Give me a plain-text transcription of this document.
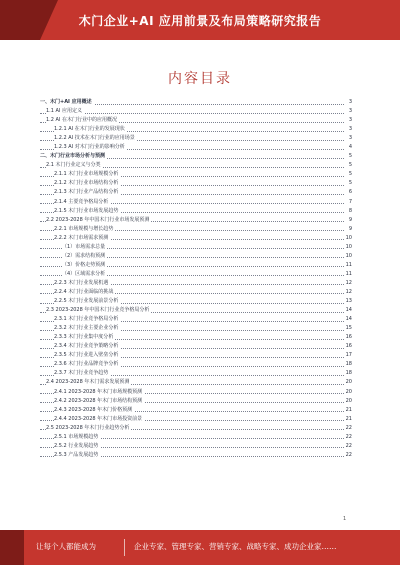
木门企业+AI 应用前景及布局策略研究报告
内容目录
一、木门+AI 应用概述	3
1.1 AI 应用定义	3
1.2 AI 在木门行业中的应用概况	3
1.2.1 AI 在木门行业的发展现状	3
1.2.2 AI 技术在木门行业的应用场景	3
1.2.3 AI 对木门行业的影响分析	4
二、木门行业市场分析与预测	5
2.1 木门行业定义与分类	5
2.1.1 木门行业市场规模分析	5
2.1.2 木门行业市场结构分析	5
2.1.3 木门行业产品结构分析	6
2.1.4 主要竞争格局分析	7
2.1.5 木门行业市场发展趋势	8
2.2 2023-2028 年中国木门行业市场发展预测	9
2.2.1 市场规模与增长趋势	9
2.2.2 木门市场需求预测	10
（1）市场需求总量	10
（2）需求结构预测	10
（3）价格走势预测	11
（4）区域需求分析	11
2.2.3 木门行业发展机遇	12
2.2.4 木门行业面临的挑战	12
2.2.5 木门行业发展前景分析	13
2.3 2023-2028 年中国木门行业竞争格局分析	14
2.3.1 木门行业竞争格局分析	14
2.3.2 木门行业主要企业分析	15
2.3.3 木门行业集中度分析	16
2.3.4 木门行业竞争策略分析	16
2.3.5 木门行业进入壁垒分析	17
2.3.6 木门行业品牌竞争分析	18
2.3.7 木门行业竞争趋势	18
2.4 2023-2028 年木门需求发展预测	20
2.4.1 2023-2028 年木门市场规模预测	20
2.4.2 2023-2028 年木门市场结构预测	20
2.4.3 2023-2028 年木门价格预测	21
2.4.4 2023-2028 年木门市场投资前景	21
2.5 2023-2028 年木门行业趋势分析	22
2.5.1 市场规模趋势	22
2.5.2 行业发展趋势	22
2.5.3 产品发展趋势	22
1
让每个人都能成为	企业专家、管理专家、营销专家、战略专家、成功企业家……
